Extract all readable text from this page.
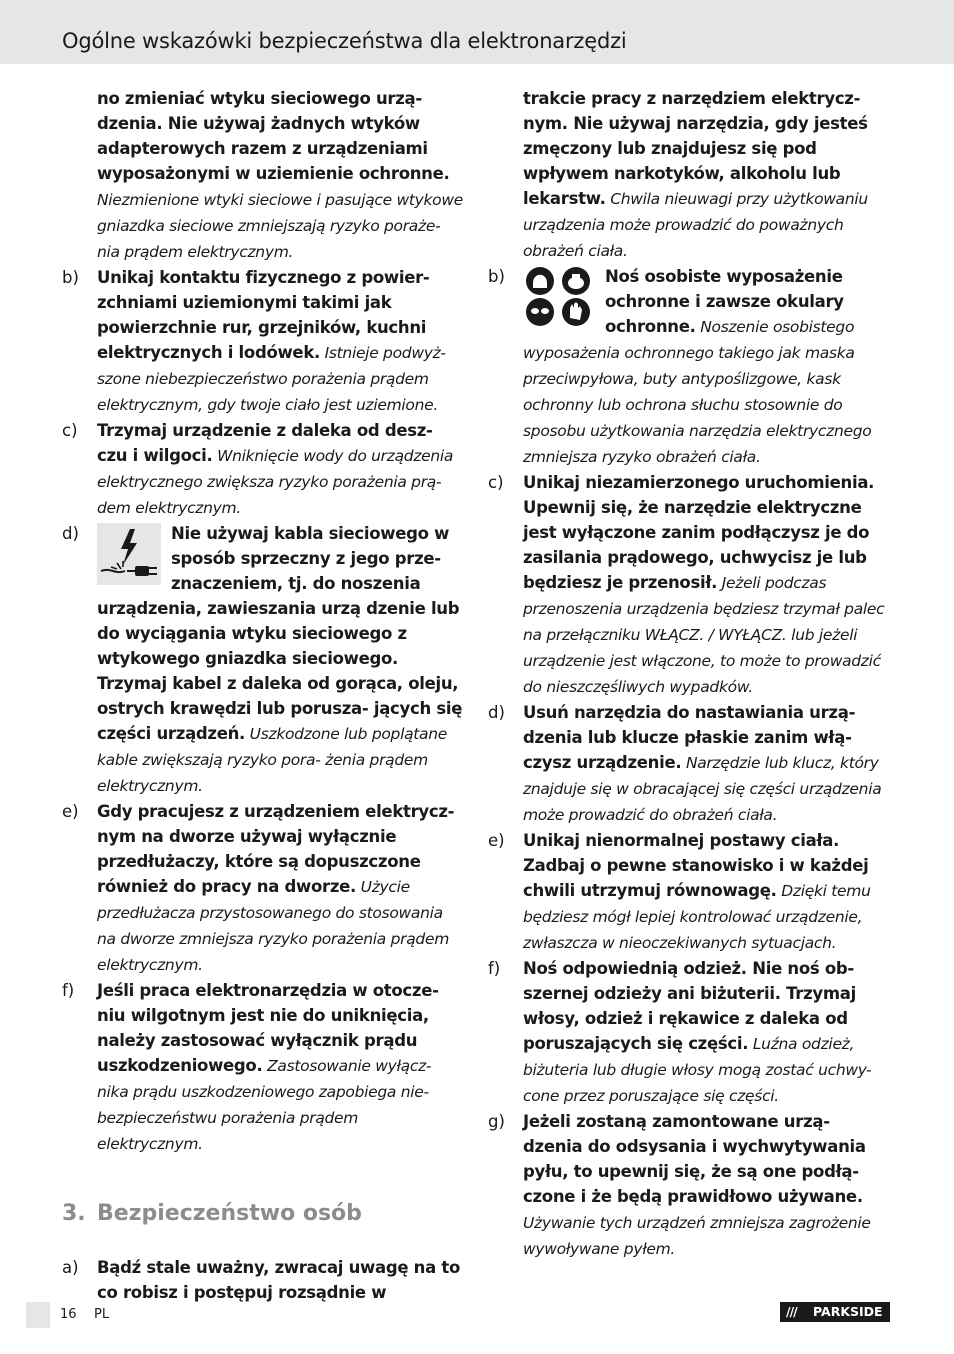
Ogólne wskazówki bezpieczeństwa dla elektronarzędzi
no zmieniać wtyku sieciowego urzą- dzenia. Nie używaj żadnych wtyków adapterowych razem z urządzeniami wyposażonymi w uziemienie ochronne. Niezmienione wtyki sieciowe i pasujące wtykowe gniazdka sieciowe zmniejszają ryzyko poraże- nia prądem elektrycznym.
b) Unikaj kontaktu fizycznego z powier- zchniami uziemionymi takimi jak powierzchnie rur, grzejników, kuchni elektrycznych i lodówek. Istnieje podwyż- szone niebezpieczeństwo porażenia prądem elektrycznym, gdy twoje ciało jest uziemione.
c) Trzymaj urządzenie z daleka od desz- czu i wilgoci. Wniknięcie wody do urządzenia elektrycznego zwiększa ryzyko porażenia prą- dem elektrycznym.
d)	Nie używaj kabla sieciowego w sposób sprzeczny z jego prze- znaczeniem, tj. do noszenia urządzenia, zawieszania urzą dzenie lub do wyciągania wtyku sieciowego z wtykowego gniazdka sieciowego. Trzymaj kabel z daleka od gorąca, oleju, ostrych krawędzi lub porusza- jących się części urządzeń. Uszkodzone lub poplątane kable zwiększają ryzyko pora- żenia prądem elektrycznym.
e) Gdy pracujesz z urządzeniem elektrycz- nym na dworze używaj wyłącznie przedłużaczy, które są dopuszczone również do pracy na dworze. Użycie przedłużacza przystosowanego do stosowania na dworze zmniejsza ryzyko porażenia prądem elektrycznym.
f) Jeśli praca elektronarzędzia w otocze- niu wilgotnym jest nie do uniknięcia, należy zastosować wyłącznik prądu uszkodzeniowego. Zastosowanie wyłącz- nika prądu uszkodzeniowego zapobiega nie- bezpieczeństwu porażenia prądem elektrycznym.
3. Bezpieczeństwo osób
a) Bądź stale uważny, zwracaj uwagę na to co robisz i postępuj rozsądnie w
trakcie pracy z narzędziem elektrycz- nym. Nie używaj narzędzia, gdy jesteś zmęczony lub znajdujesz się pod wpływem narkotyków, alkoholu lub lekarstw. Chwila nieuwagi przy użytkowaniu urządzenia może prowadzić do poważnych obrażeń ciała.
b)	Noś osobiste wyposażenie ochronne i zawsze okulary ochronne. Noszenie osobistego wyposażenia ochronnego takiego jak maska przeciwpyłowa, buty antypoślizgowe, kask ochronny lub ochrona słuchu stosownie do sposobu użytkowania narzędzia elektrycznego zmniejsza ryzyko obrażeń ciała.
c) Unikaj niezamierzonego uruchomienia. Upewnij się, że narzędzie elektryczne jest wyłączone zanim podłączysz je do zasilania prądowego, uchwycisz je lub będziesz je przenosił. Jeżeli podczas przenoszenia urządzenia będziesz trzymał palec na przełączniku WŁĄCZ. / WYŁĄCZ. lub jeżeli urządzenie jest włączone, to może to prowadzić do nieszczęśliwych wypadków.
d) Usuń narzędzia do nastawiania urzą- dzenia lub klucze płaskie zanim włą- czysz urządzenie. Narzędzie lub klucz, który znajduje się w obracającej się części urządzenia może prowadzić do obrażeń ciała.
e) Unikaj nienormalnej postawy ciała. Zadbaj o pewne stanowisko i w każdej chwili utrzymuj równowagę. Dzięki temu będziesz mógł lepiej kontrolować urządzenie, zwłaszcza w nieoczekiwanych sytuacjach.
f) Noś odpowiednią odzież. Nie noś ob- szernej odzieży ani biżuterii. Trzymaj włosy, odzież i rękawice z daleka od poruszających się części. Luźna odzież, biżuteria lub długie włosy mogą zostać uchwy- cone przez poruszające się części.
g) Jeżeli zostaną zamontowane urzą- dzenia do odsysania i wychwytywania pyłu, to upewnij się, że są one podłą- czone i że będą prawidłowo używane. Używanie tych urządzeń zmniejsza zagrożenie wywoływane pyłem.
16 PL	/// PARKSIDE
